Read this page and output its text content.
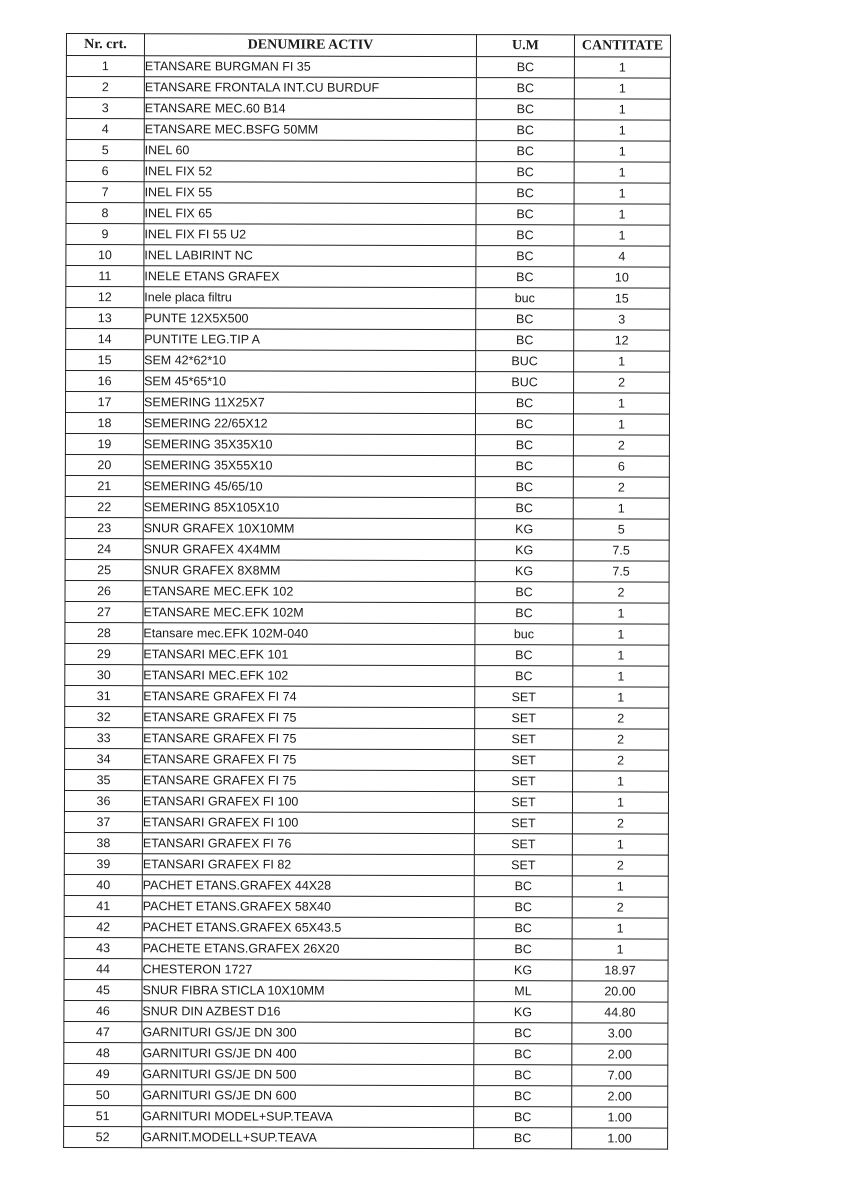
Nr. crt.	DENUMIRE ACTIV	U.M	CANTITATE
1	ETANSARE BURGMAN FI 35	BC	1
2	ETANSARE FRONTALA INT.CU BURDUF	BC	1
3	ETANSARE MEC.60 B14	BC	1
4	ETANSARE MEC.BSFG 50MM	BC	1
5	INEL 60	BC	1
6	INEL FIX 52	BC	1
7	INEL FIX 55	BC	1
8	INEL FIX 65	BC	1
9	INEL FIX FI 55 U2	BC	1
10	INEL LABIRINT NC	BC	4
11	INELE ETANS GRAFEX	BC	10
12	Inele placa filtru	buc	15
13	PUNTE 12X5X500	BC	3
14	PUNTITE LEG.TIP A	BC	12
15	SEM 42*62*10	BUC	1
16	SEM 45*65*10	BUC	2
17	SEMERING 11X25X7	BC	1
18	SEMERING 22/65X12	BC	1
19	SEMERING 35X35X10	BC	2
20	SEMERING 35X55X10	BC	6
21	SEMERING 45/65/10	BC	2
22	SEMERING 85X105X10	BC	1
23	SNUR GRAFEX 10X10MM	KG	5
24	SNUR GRAFEX 4X4MM	KG	7.5
25	SNUR GRAFEX 8X8MM	KG	7.5
26	ETANSARE MEC.EFK 102	BC	2
27	ETANSARE MEC.EFK 102M	BC	1
28	Etansare mec.EFK 102M-040	buc	1
29	ETANSARI MEC.EFK 101	BC	1
30	ETANSARI MEC.EFK 102	BC	1
31	ETANSARE GRAFEX FI 74	SET	1
32	ETANSARE GRAFEX FI 75	SET	2
33	ETANSARE GRAFEX FI 75	SET	2
34	ETANSARE GRAFEX FI 75	SET	2
35	ETANSARE GRAFEX FI 75	SET	1
36	ETANSARI GRAFEX FI 100	SET	1
37	ETANSARI GRAFEX FI 100	SET	2
38	ETANSARI GRAFEX FI 76	SET	1
39	ETANSARI GRAFEX FI 82	SET	2
40	PACHET ETANS.GRAFEX 44X28	BC	1
41	PACHET ETANS.GRAFEX 58X40	BC	2
42	PACHET ETANS.GRAFEX 65X43.5	BC	1
43	PACHETE ETANS.GRAFEX 26X20	BC	1
44	CHESTERON 1727	KG	18.97
45	SNUR FIBRA STICLA 10X10MM	ML	20.00
46	SNUR DIN AZBEST D16	KG	44.80
47	GARNITURI GS/JE DN 300	BC	3.00
48	GARNITURI GS/JE DN 400	BC	2.00
49	GARNITURI GS/JE DN 500	BC	7.00
50	GARNITURI GS/JE DN 600	BC	2.00
51	GARNITURI MODEL+SUP.TEAVA	BC	1.00
52	GARNIT.MODELL+SUP.TEAVA	BC	1.00
